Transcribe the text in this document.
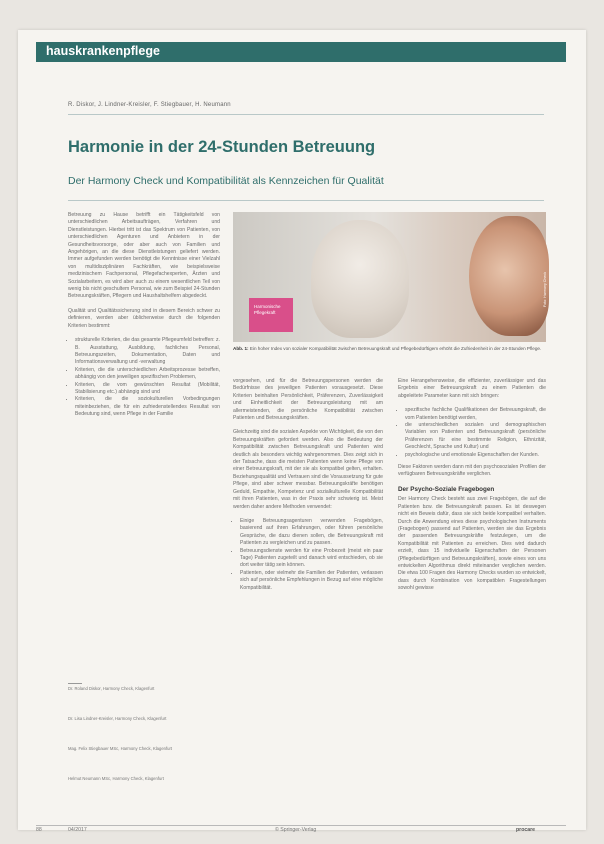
hauskrankenpflege
R. Diskor, J. Lindner-Kreisler, F. Stiegbauer, H. Neumann
Harmonie in der 24-Stunden Betreuung
Der Harmony Check und Kompatibilität als Kennzeichen für Qualität

Betreuung zu Hause betrifft ein Tätigkeitsfeld von unterschiedlichen Arbeitsaufträgen, Verfahren und Dienstleistungen. Hierbei tritt ist das Spektrum von Patienten, von unterschiedlichen Agenturen und Anbietern in der Gesundheitsvorsorge, oder aber auch von Familien und Angehörigen, an die diese Dienstleistungen geliefert werden. Immer aufgefunden werden benötigt die Kenntnisse einer Vielzahl von multidisziplinären Fachkräften, wie beispielsweise medizinischem Fachpersonal, Pflegefachexperten, Ärzten und Sozialarbeitern, es wird aber auch zu einem wesentlichen Teil von wenig bis nicht geschultem Personal, wie zum Beispiel 24-Stunden Betreuungskräften, Pflegern und Haushaltshelfern abgedeckt.

Qualität und Qualitätssicherung sind in diesem Bereich schwer zu definieren, werden aber üblicherweise durch die folgenden Kriterien bestimmt:

• strukturelle Kriterien, die das gesamte Pflegeumfeld betreffen: z. B. Ausstattung, Ausbildung, fachliches Personal, Betreuungszeiten, Dokumentation, Daten und Informationsverwaltung und -verwaltung
• Kriterien, die die unterschiedlichen Arbeitsprozesse betreffen, abhängig von den jeweiligen spezifischen Problemen,
• Kriterien, die vom gewünschten Resultat (Mobilität, Stabilisierung etc.) abhängig sind und
• Kriterien, die die soziokulturellen Vorbedingungen miteinbeziehen, die für ein zufriedenstellendes Resultat von Bedeutung sind, wenn Pflege in der Familie
Dr. Roland Diskor, Harmony Check, Klagenfurt
Dr. Lisa Lindner-Kreisler, Harmony Check, Klagenfurt
Mag. Felix Stiegbauer MSc, Harmony Check, Klagenfurt
Helmut Neumann MSc, Harmony Check, Klagenfurt
Harmonische Pflegekraft
Foto: Harmony Check
Abb. 1: Ein hoher Index von sozialer Kompatibilität zwischen Betreuungskraft und Pflegebedürftigem erhöht die Zufriedenheit in der 24-Stunden Pflege.

vorgesehen, und für die Betreuungspersonen werden die Bedürfnisse des jeweiligen Patienten vorausgesetzt. Diese Kriterien beinhalten Persönlichkeit, Präferenzen, Zuverlässigkeit und Einheitlichkeit der Betreuungsleistung mit am allermeistenden, die persönliche Kompatibilität zwischen Patienten und Betreuungskräften.

Gleichzeitig sind die sozialen Aspekte von Wichtigkeit, die von den Betreuungskräften gefordert werden. Also die Bedeutung der Kompatibilität zwischen Betreuungskraft und Patienten wird deutlich als besonders wichtig wahrgenommen. Dies zeigt sich in der Tatsache, dass die meisten Patienten wenn keine Pflege von einer Betreuungskraft, mit der sie als kompatibel gelten, erhalten. Beziehungsqualität und Vertrauen sind die Voraussetzung für gute Pflege, sind aber schwer messbar. Betreuungskräfte benötigen Geduld, Empathie, Kompetenz und sozialkulturelle Kompatibilität mit ihren Patienten, was in der Praxis sehr schwierig ist. Meist werden daher andere Methoden verwendet:

• Einige Betreuungsagenturen verwenden Fragebögen, basierend auf ihren Erfahrungen, oder führen persönliche Gespräche, die dazu dienen sollen, die Betreuungskraft mit Patienten zu vergleichen und zu passen.
• Betreuungsdienste werden für eine Probezeit (meist ein paar Tage) Patienten zugeteilt und danach wird entschieden, ob sie dort weiter tätig sein können.
• Patienten, oder vielmehr die Familien der Patienten, verlassen sich auf persönliche Empfehlungen in Bezug auf eine mögliche Kompatibilität.

Eine Herangehensweise, die effizienter, zuverlässiger und das Ergebnis einer Betreuungskraft zu einem Patienten die abgeleitete Parameter kann mit sich bringen:

• spezifische fachliche Qualifikationen der Betreuungskraft, die vom Patienten benötigt werden,
• die unterschiedlichen sozialen und demographischen Variablen von Patienten und Betreuungskraft (persönliche Präferenzen für eine bestimmte Religion, Ethnizität, Geschlecht, Sprache und Kultur) und
• psychologische und emotionale Eigenschaften der Kunden.

Diese Faktoren werden dann mit den psychosozialen Profilen der verfügbaren Betreuungskräfte verglichen.

Der Psycho-Soziale Fragebogen

Der Harmony Check besteht aus zwei Fragebögen, die auf die Patienten bzw. die Betreuungskraft passen. Es ist deswegen nicht ein Beweis dafür, dass sie sich beide kompatibel verhalten. Durch die Anwendung eines diese psychologischen Instruments (Fragebogen) passend auf Patienten, werden sie das Ergebnis der passenden Betreuungskräfte festzulegen, um die Kompatibilität mit Patienten zu erreichen. Dies wird dadurch erzielt, dass 15 individuelle Eigenschaften der Personen (Pflegebedürftigen und Betreuungskräften), sowie eines von uns entwickelten Algorithmus direkt miteinander verglichen werden. Die etwa 100 Fragen des Harmony Checks wurden so entwickelt, dass durch Kombination von kompatiblen Fragestellungen sowohl gewisse

88	04/2017	© Springer-Verlag	procare
